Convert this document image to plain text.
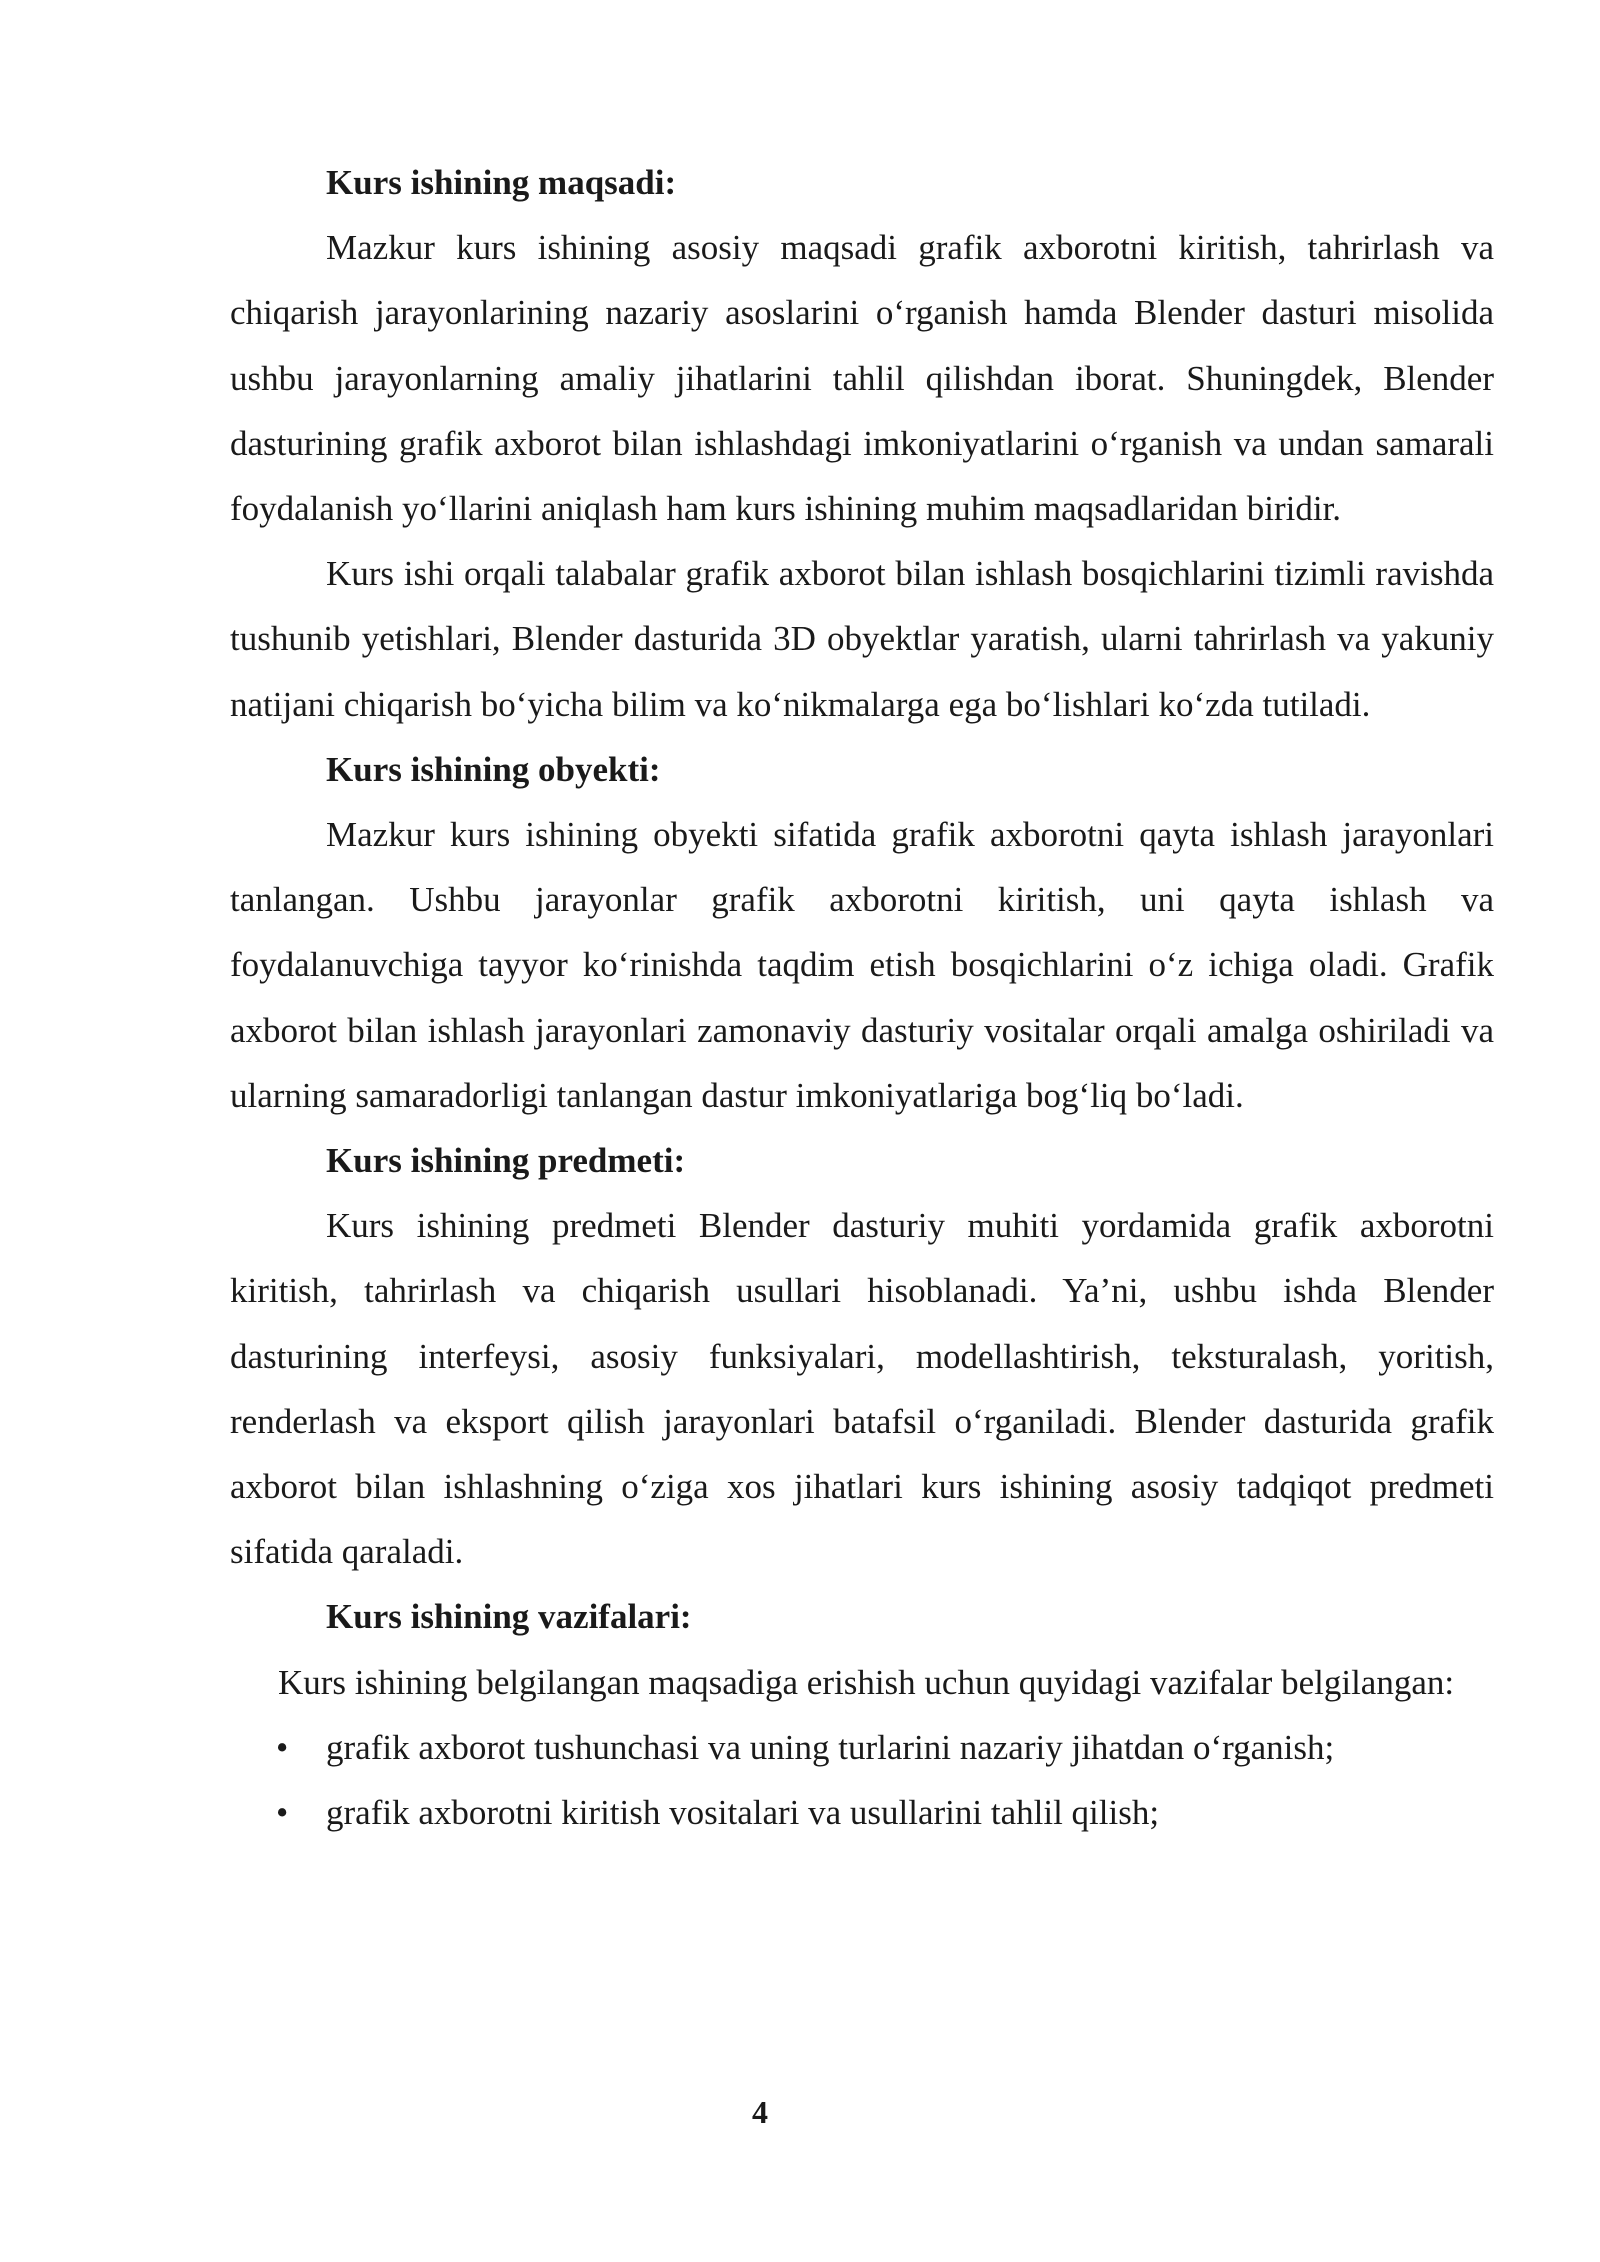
Kurs ishining maqsadi:

Mazkur kurs ishining asosiy maqsadi grafik axborotni kiritish, tahrirlash va chiqarish jarayonlarining nazariy asoslarini o‘rganish hamda Blender dasturi misolida ushbu jarayonlarning amaliy jihatlarini tahlil qilishdan iborat. Shuningdek, Blender dasturining grafik axborot bilan ishlashdagi imkoniyatlarini o‘rganish va undan samarali foydalanish yo‘llarini aniqlash ham kurs ishining muhim maqsadlaridan biridir.

Kurs ishi orqali talabalar grafik axborot bilan ishlash bosqichlarini tizimli ravishda tushunib yetishlari, Blender dasturida 3D obyektlar yaratish, ularni tahrirlash va yakuniy natijani chiqarish bo‘yicha bilim va ko‘nikmalarga ega bo‘lishlari ko‘zda tutiladi.

Kurs ishining obyekti:

Mazkur kurs ishining obyekti sifatida grafik axborotni qayta ishlash jarayonlari tanlangan. Ushbu jarayonlar grafik axborotni kiritish, uni qayta ishlash va foydalanuvchiga tayyor ko‘rinishda taqdim etish bosqichlarini o‘z ichiga oladi. Grafik axborot bilan ishlash jarayonlari zamonaviy dasturiy vositalar orqali amalga oshiriladi va ularning samaradorligi tanlangan dastur imkoniyatlariga bog‘liq bo‘ladi.

Kurs ishining predmeti:

Kurs ishining predmeti Blender dasturiy muhiti yordamida grafik axborotni kiritish, tahrirlash va chiqarish usullari hisoblanadi. Ya’ni, ushbu ishda Blender dasturining interfeysi, asosiy funksiyalari, modellashtirish, teksturalash, yoritish, renderlash va eksport qilish jarayonlari batafsil o‘rganiladi. Blender dasturida grafik axborot bilan ishlashning o‘ziga xos jihatlari kurs ishining asosiy tadqiqot predmeti sifatida qaraladi.

Kurs ishining vazifalari:

Kurs ishining belgilangan maqsadiga erishish uchun quyidagi vazifalar belgilangan:

• grafik axborot tushunchasi va uning turlarini nazariy jihatdan o‘rganish;
• grafik axborotni kiritish vositalari va usullarini tahlil qilish;
4
